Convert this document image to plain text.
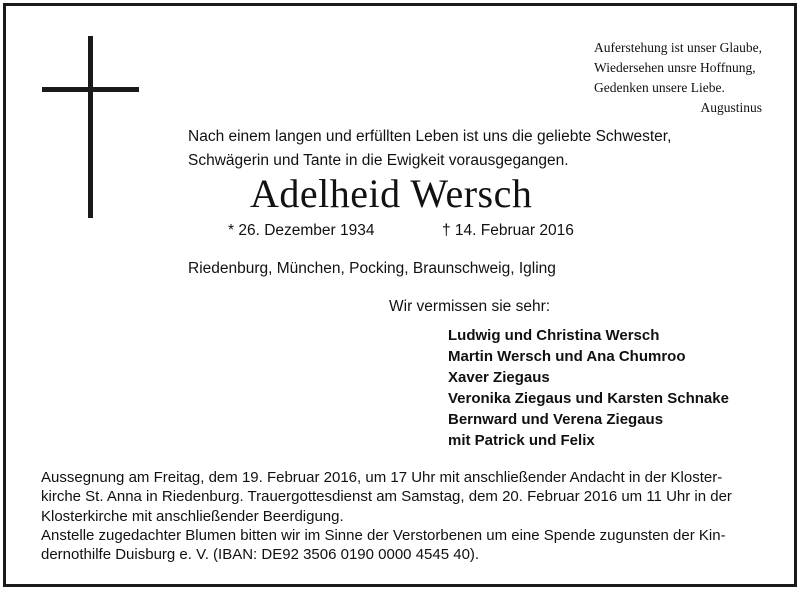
Auferstehung ist unser Glaube,
Wiedersehen unsre Hoffnung,
Gedenken unsere Liebe.
Augustinus
Nach einem langen und erfüllten Leben ist uns die geliebte Schwester,
Schwägerin und Tante in die Ewigkeit vorausgegangen.
Adelheid Wersch
* 26. Dezember 1934	† 14. Februar 2016
Riedenburg, München, Pocking, Braunschweig, Igling
Wir vermissen sie sehr:
Ludwig und Christina Wersch
Martin Wersch und Ana Chumroo
Xaver Ziegaus
Veronika Ziegaus und Karsten Schnake
Bernward und Verena Ziegaus
mit Patrick und Felix
Aussegnung am Freitag, dem 19. Februar 2016, um 17 Uhr mit anschließender Andacht in der Kloster-
kirche St. Anna in Riedenburg. Trauergottesdienst am Samstag, dem 20. Februar 2016 um 11 Uhr in der
Klosterkirche mit anschließender Beerdigung.
Anstelle zugedachter Blumen bitten wir im Sinne der Verstorbenen um eine Spende zugunsten der Kin-
dernothilfe Duisburg e. V. (IBAN: DE92 3506 0190 0000 4545 40).
